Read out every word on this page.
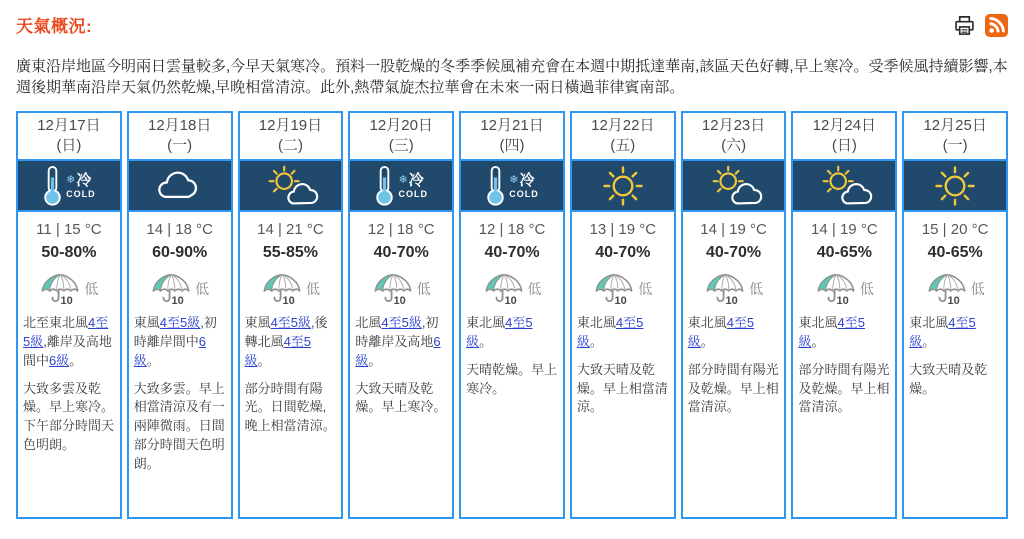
天氣概況:
廣東沿岸地區今明兩日雲量較多,今早天氣寒冷。預料一股乾燥的冬季季候風補充會在本週中期抵達華南,該區天色好轉,早上寒冷。受季候風持續影響,本週後期華南沿岸天氣仍然乾燥,早晚相當清涼。此外,熱帶氣旋杰拉華會在未來一兩日橫過菲律賓南部。
12月17日
(日)
❄ 冷
COLD
11 | 15 °C
50-80%
10
低
北至東北風4至5級,離岸及高地間中6級。
大致多雲及乾燥。早上寒冷。下午部分時間天色明朗。
12月18日
(一)
14 | 18 °C
60-90%
10
低
東風4至5級,初時離岸間中6級。
大致多雲。早上相當清涼及有一兩陣微雨。日間部分時間天色明朗。
12月19日
(二)
14 | 21 °C
55-85%
10
低
東風4至5級,後轉北風4至5級。
部分時間有陽光。日間乾燥,晚上相當清涼。
12月20日
(三)
❄ 冷
COLD
12 | 18 °C
40-70%
10
低
北風4至5級,初時離岸及高地6級。
大致天晴及乾燥。早上寒冷。
12月21日
(四)
❄ 冷
COLD
12 | 18 °C
40-70%
10
低
東北風4至5級。
天晴乾燥。早上寒冷。
12月22日
(五)
13 | 19 °C
40-70%
10
低
東北風4至5級。
大致天晴及乾燥。早上相當清涼。
12月23日
(六)
14 | 19 °C
40-70%
10
低
東北風4至5級。
部分時間有陽光及乾燥。早上相當清涼。
12月24日
(日)
14 | 19 °C
40-65%
10
低
東北風4至5級。
部分時間有陽光及乾燥。早上相當清涼。
12月25日
(一)
15 | 20 °C
40-65%
10
低
東北風4至5級。
大致天晴及乾燥。
